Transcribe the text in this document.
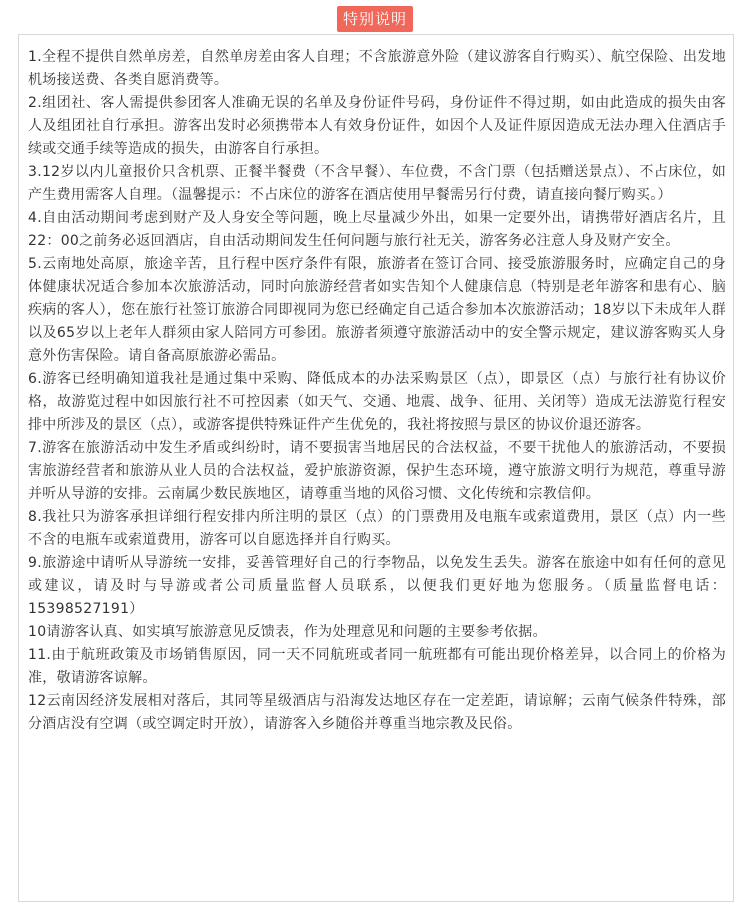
特别说明

1.全程不提供自然单房差，自然单房差由客人自理；不含旅游意外险（建议游客自行购买）、航空保险、出发地机场接送费、各类自愿消费等。

2.组团社、客人需提供参团客人准确无误的名单及身份证件号码，身份证件不得过期，如由此造成的损失由客人及组团社自行承担。游客出发时必须携带本人有效身份证件，如因个人及证件原因造成无法办理入住酒店手续或交通手续等造成的损失，由游客自行承担。

3.12岁以内儿童报价只含机票、正餐半餐费（不含早餐）、车位费，不含门票（包括赠送景点）、不占床位，如产生费用需客人自理。（温馨提示：不占床位的游客在酒店使用早餐需另行付费，请直接向餐厅购买。）

4.自由活动期间考虑到财产及人身安全等问题，晚上尽量减少外出，如果一定要外出，请携带好酒店名片，且22：00之前务必返回酒店，自由活动期间发生任何问题与旅行社无关，游客务必注意人身及财产安全。

5.云南地处高原，旅途辛苦，且行程中医疗条件有限，旅游者在签订合同、接受旅游服务时，应确定自己的身体健康状况适合参加本次旅游活动，同时向旅游经营者如实告知个人健康信息（特别是老年游客和患有心、脑疾病的客人），您在旅行社签订旅游合同即视同为您已经确定自己适合参加本次旅游活动；18岁以下未成年人群以及65岁以上老年人群须由家人陪同方可参团。旅游者须遵守旅游活动中的安全警示规定，建议游客购买人身意外伤害保险。请自备高原旅游必需品。

6.游客已经明确知道我社是通过集中采购、降低成本的办法采购景区（点），即景区（点）与旅行社有协议价格，故游览过程中如因旅行社不可控因素（如天气、交通、地震、战争、征用、关闭等）造成无法游览行程安排中所涉及的景区（点），或游客提供特殊证件产生优免的，我社将按照与景区的协议价退还游客。

7.游客在旅游活动中发生矛盾或纠纷时，请不要损害当地居民的合法权益，不要干扰他人的旅游活动，不要损害旅游经营者和旅游从业人员的合法权益，爱护旅游资源，保护生态环境，遵守旅游文明行为规范，尊重导游并听从导游的安排。云南属少数民族地区，请尊重当地的风俗习惯、文化传统和宗教信仰。

8.我社只为游客承担详细行程安排内所注明的景区（点）的门票费用及电瓶车或索道费用，景区（点）内一些不含的电瓶车或索道费用，游客可以自愿选择并自行购买。

9.旅游途中请听从导游统一安排，妥善管理好自己的行李物品，以免发生丢失。游客在旅途中如有任何的意见或建议，请及时与导游或者公司质量监督人员联系，以便我们更好地为您服务。（质量监督电话：15398527191）

10请游客认真、如实填写旅游意见反馈表，作为处理意见和问题的主要参考依据。

11.由于航班政策及市场销售原因，同一天不同航班或者同一航班都有可能出现价格差异，以合同上的价格为准，敬请游客谅解。

12云南因经济发展相对落后，其同等星级酒店与沿海发达地区存在一定差距，请谅解；云南气候条件特殊，部分酒店没有空调（或空调定时开放），请游客入乡随俗并尊重当地宗教及民俗。
